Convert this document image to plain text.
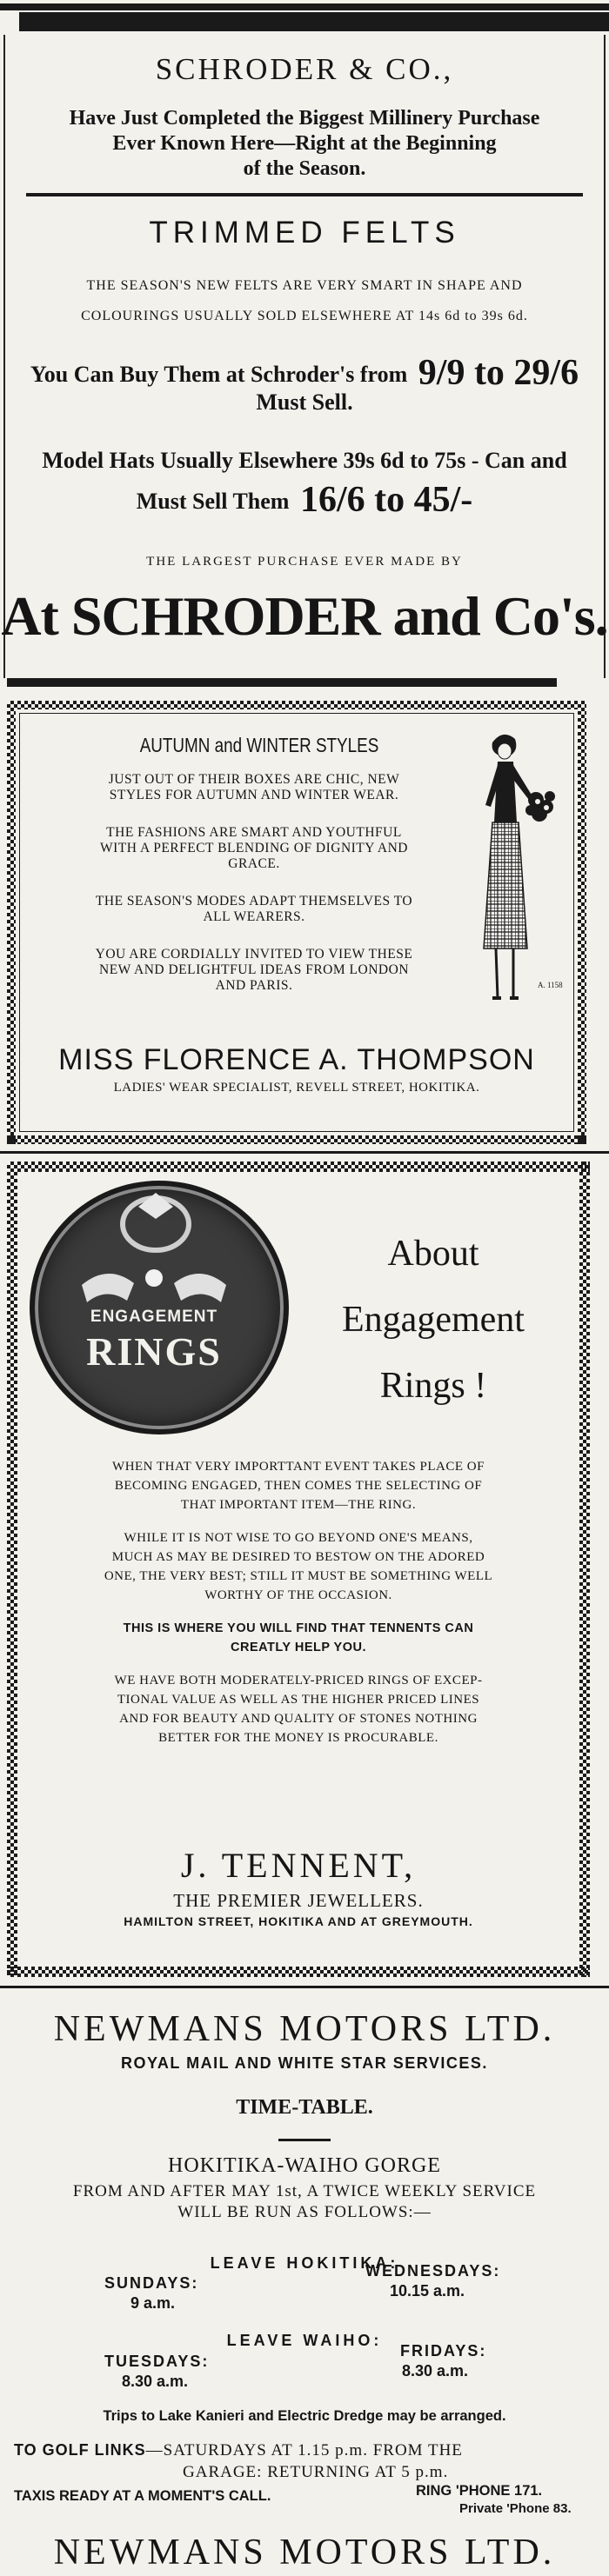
SCHRODER & CO.,
Have Just Completed the Biggest Millinery Purchase
Ever Known Here—Right at the Beginning
of the Season.
TRIMMED FELTS
THE SEASON'S NEW FELTS ARE VERY SMART IN SHAPE AND
COLOURINGS USUALLY SOLD ELSEWHERE AT 14s 6d to 39s 6d.
You Can Buy Them at Schroder's from 9/9 to 29/6
Must Sell.
Model Hats Usually Elsewhere 39s 6d to 75s - Can and
Must Sell Them 16/6 to 45/-
THE LARGEST PURCHASE EVER MADE BY
At SCHRODER and Co's.
AUTUMN and WINTER STYLES
JUST OUT OF THEIR BOXES ARE CHIC, NEW
STYLES FOR AUTUMN AND WINTER WEAR.
THE FASHIONS ARE SMART AND YOUTHFUL
WITH A PERFECT BLENDING OF DIGNITY AND
GRACE.
THE SEASON'S MODES ADAPT THEMSELVES TO
ALL WEARERS.
YOU ARE CORDIALLY INVITED TO VIEW THESE
NEW AND DELIGHTFUL IDEAS FROM LONDON
AND PARIS.	A. 1158
MISS FLORENCE A. THOMPSON
LADIES' WEAR SPECIALIST, REVELL STREET, HOKITIKA.
ENGAGEMENT
RINGS
About
Engagement
Rings !
WHEN THAT VERY IMPORTTANT EVENT TAKES PLACE OF
BECOMING ENGAGED, THEN COMES THE SELECTING OF
THAT IMPORTANT ITEM—THE RING.
WHILE IT IS NOT WISE TO GO BEYOND ONE'S MEANS,
MUCH AS MAY BE DESIRED TO BESTOW ON THE ADORED
ONE, THE VERY BEST; STILL IT MUST BE SOMETHING WELL
WORTHY OF THE OCCASION.
THIS IS WHERE YOU WILL FIND THAT TENNENTS CAN
CREATLY HELP YOU.
WE HAVE BOTH MODERATELY-PRICED RINGS OF EXCEP-
TIONAL VALUE AS WELL AS THE HIGHER PRICED LINES
AND FOR BEAUTY AND QUALITY OF STONES NOTHING
BETTER FOR THE MONEY IS PROCURABLE.
J. TENNENT,
THE PREMIER JEWELLERS.
HAMILTON STREET, HOKITIKA AND AT GREYMOUTH.
NEWMANS MOTORS LTD.
ROYAL MAIL AND WHITE STAR SERVICES.
TIME-TABLE.
HOKITIKA-WAIHO GORGE
FROM AND AFTER MAY 1st, A TWICE WEEKLY SERVICE
WILL BE RUN AS FOLLOWS:—
LEAVE HOKITIKA:
SUNDAYS:
9 a.m.
WEDNESDAYS:
10.15 a.m.
LEAVE WAIHO:
TUESDAYS:
8.30 a.m.
FRIDAYS:
8.30 a.m.
Trips to Lake Kanieri and Electric Dredge may be arranged.
TO GOLF LINKS—SATURDAYS AT 1.15 p.m. FROM THE
GARAGE: RETURNING AT 5 p.m.
TAXIS READY AT A MOMENT'S CALL.	RING 'PHONE 171.
Private 'Phone 83.
NEWMANS MOTORS LTD.
